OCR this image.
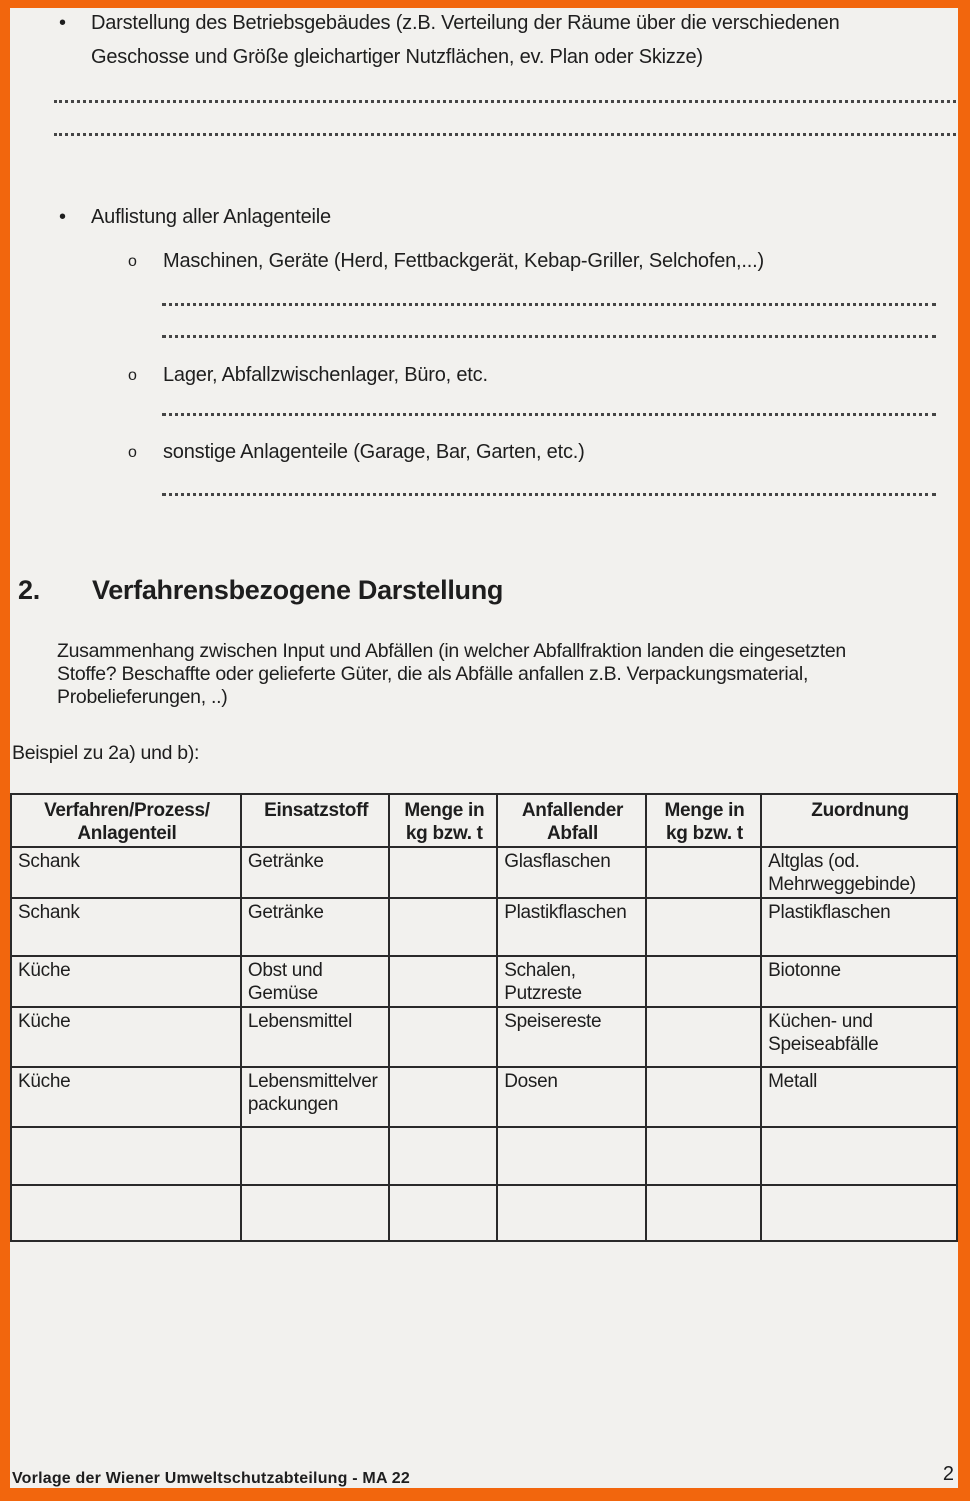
• Darstellung des Betriebsgebäudes (z.B. Verteilung der Räume über die verschiedenen Geschosse und Größe gleichartiger Nutzflächen, ev. Plan oder Skizze)
• Auflistung aller Anlagenteile
o Maschinen, Geräte (Herd, Fettbackgerät, Kebap-Griller, Selchofen,...)
o Lager, Abfallzwischenlager, Büro, etc.
o sonstige Anlagenteile (Garage, Bar, Garten, etc.)
2. Verfahrensbezogene Darstellung
Zusammenhang zwischen Input und Abfällen (in welcher Abfallfraktion landen die eingesetzten Stoffe? Beschaffte oder gelieferte Güter, die als Abfälle anfallen z.B. Verpackungsmaterial, Probelieferungen, ..)
Beispiel zu 2a) und b):
Verfahren/Prozess/ Anlagenteil	Einsatzstoff	Menge in kg bzw. t	Anfallender Abfall	Menge in kg bzw. t	Zuordnung
Schank	Getränke		Glasflaschen		Altglas (od. Mehrweggebinde)
Schank	Getränke		Plastikflaschen		Plastikflaschen
Küche	Obst und Gemüse		Schalen, Putzreste		Biotonne
Küche	Lebensmittel		Speisereste		Küchen- und Speiseabfälle
Küche	Lebensmittelverpackungen		Dosen		Metall

Vorlage der Wiener Umweltschutzabteilung - MA 22	2
